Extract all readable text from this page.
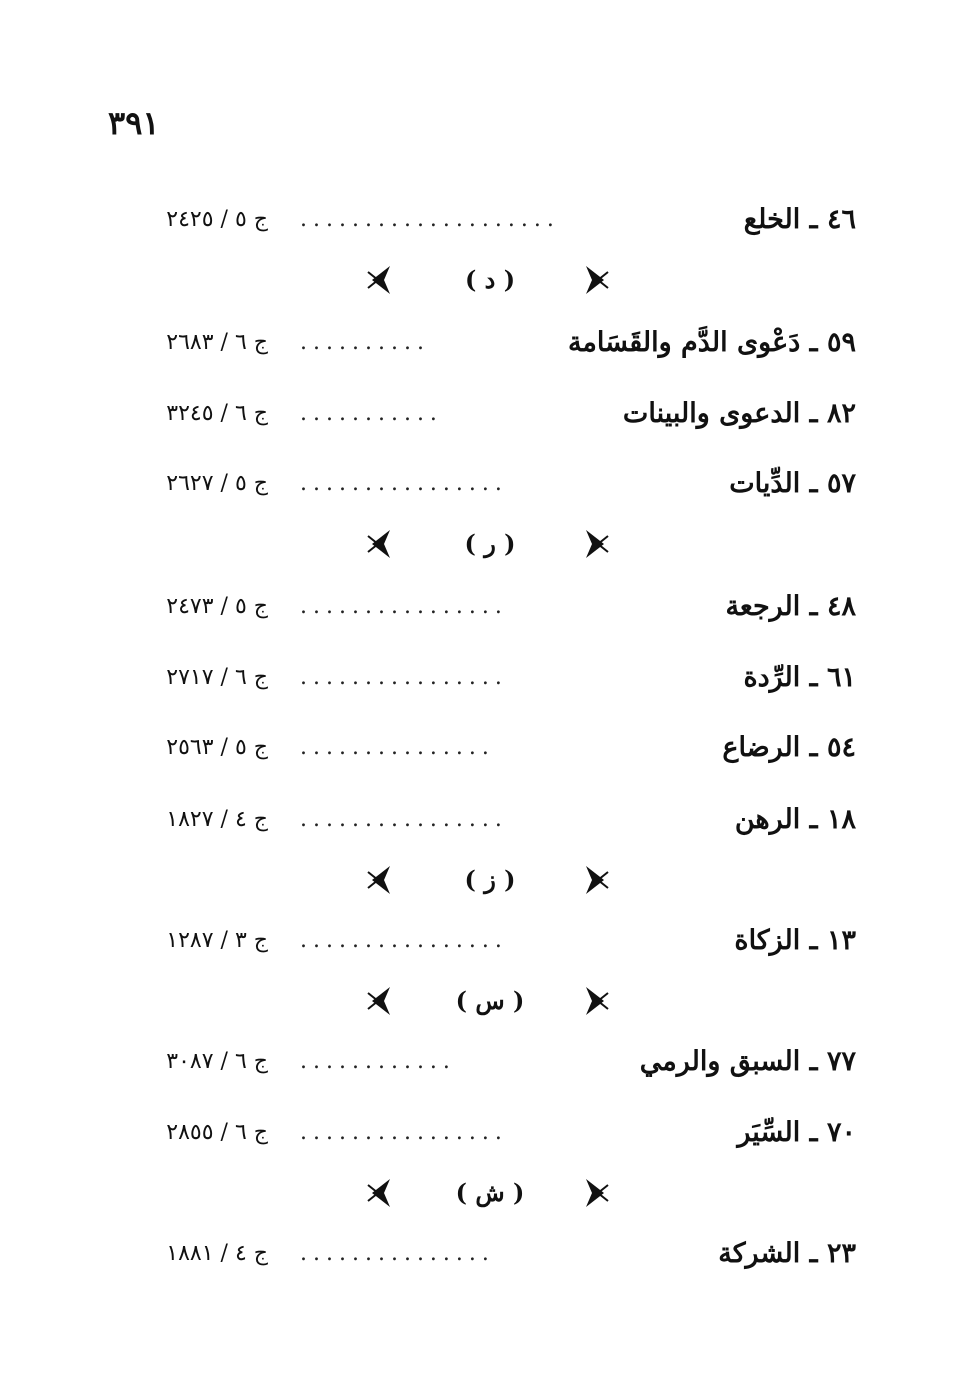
٣٩١
٤٦ ـ الخلع
....................
ج ٥ / ٢٤٢٥
( د )
٥٩ ـ دَعْوى الدَّم والقَسَامة
..........
ج ٦ / ٢٦٨٣
٨٢ ـ الدعوى والبينات
...........
ج ٦ / ٣٢٤٥
٥٧ ـ الدِّيات
................
ج ٥ / ٢٦٢٧
( ر )
٤٨ ـ الرجعة
................
ج ٥ / ٢٤٧٣
٦١ ـ الرِّدة
................
ج ٦ / ٢٧١٧
٥٤ ـ الرضاع
...............
ج ٥ / ٢٥٦٣
١٨ ـ الرهن
................
ج ٤ / ١٨٢٧
( ز )
١٣ ـ الزكاة
................
ج ٣ / ١٢٨٧
( س )
٧٧ ـ السبق والرمي
............
ج ٦ / ٣٠٨٧
٧٠ ـ السِّيَر
................
ج ٦ / ٢٨٥٥
( ش )
٢٣ ـ الشركة
...............
ج ٤ / ١٨٨١
